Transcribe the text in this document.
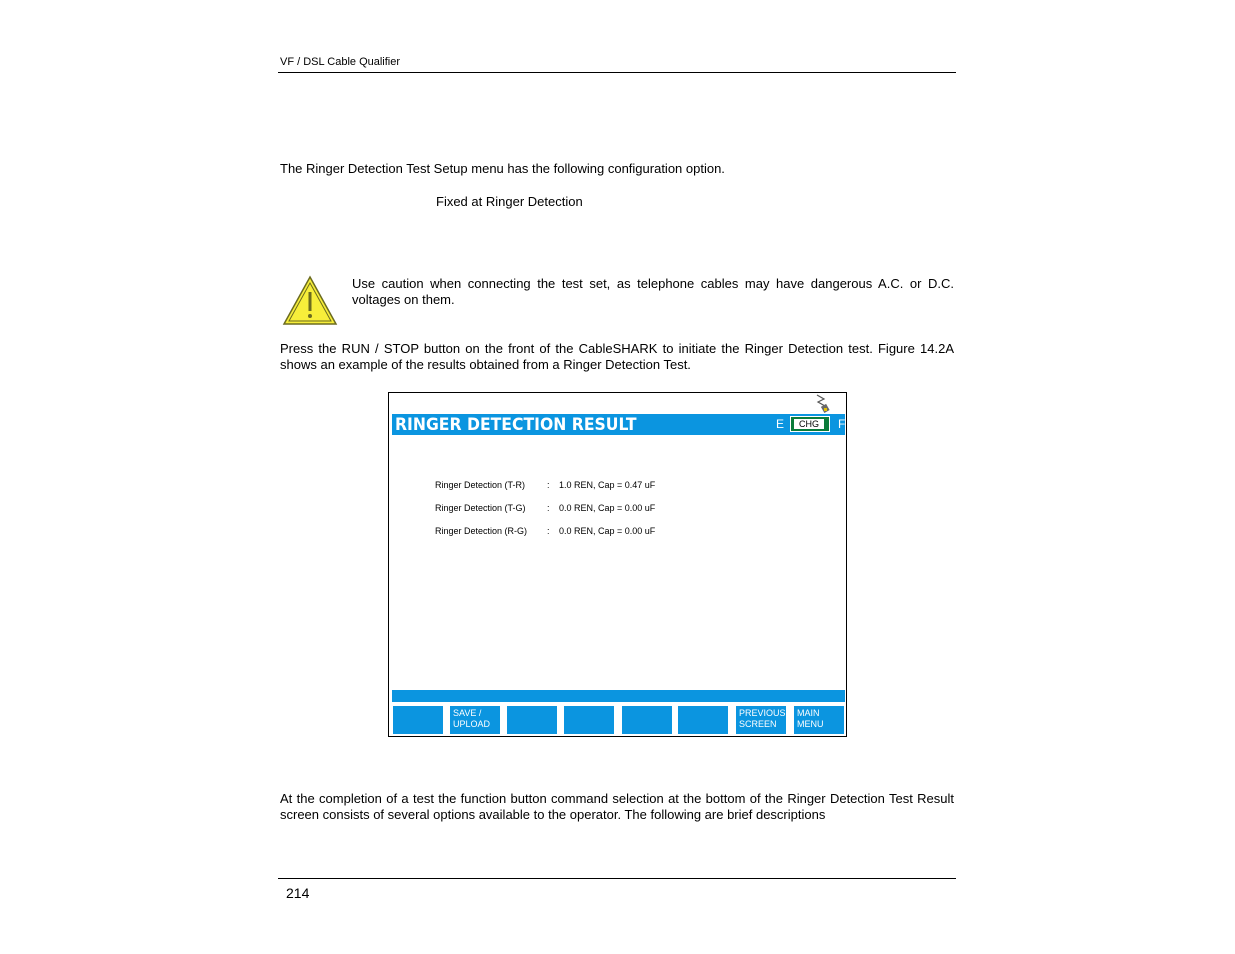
VF / DSL Cable Qualifier
The Ringer Detection Test Setup menu has the following configuration option.
Fixed at Ringer Detection
Use caution when connecting the test set, as telephone cables may have dangerous A.C. or D.C. voltages on them.
Press the RUN / STOP button on the front of the CableSHARK to initiate the Ringer Detection test. Figure 14.2A shows an example of the results obtained from a Ringer Detection Test.
RINGER DETECTION RESULT	E	CHG	F
Ringer Detection (T-R) : 1.0 REN, Cap = 0.47 uF
Ringer Detection (T-G) : 0.0 REN, Cap = 0.00 uF
Ringer Detection (R-G) : 0.0 REN, Cap = 0.00 uF
SAVE /
UPLOAD
PREVIOUS
SCREEN
MAIN
MENU
At the completion of a test the function button command selection at the bottom of the Ringer Detection Test Result screen consists of several options available to the operator. The following are brief descriptions
214
